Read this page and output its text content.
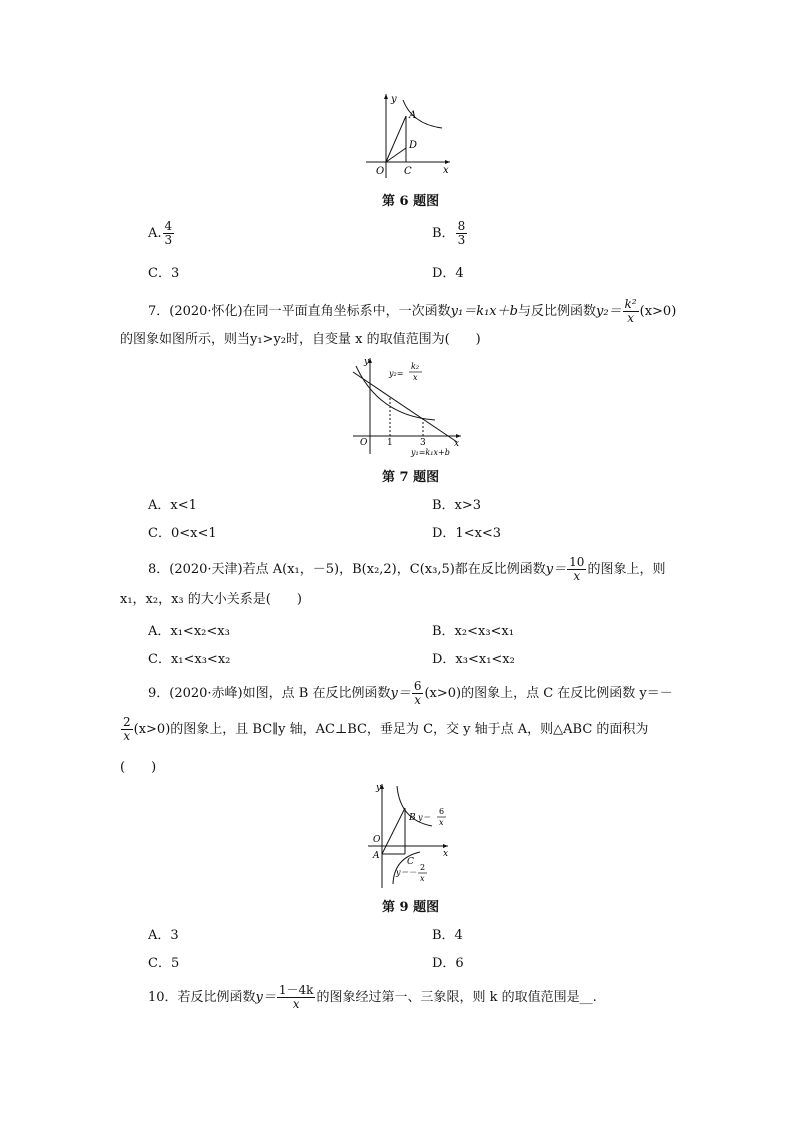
y
x
O C
A
D
第 6 题图
A. $\frac{4}{3}$	B． $\frac{8}{3}$
C．3	D．4
7．(2020·怀化)在同一平面直角坐标系中，一次函数y₁＝k₁x＋b与反比例函数$y_2= \frac{\text{k²}}{x} (x>0)$
的图象如图所示，则当y₁>y₂时，自变量 x 的取值范围为(　　)
y
x
O 1	3
y₂=
k₂
x
y₁=k₁x+b
第 7 题图
A．x<1	B．x>3
C．0<x<1	D．1<x<3
8．(2020·天津)若点 A(x₁，－5)，B(x₂,2)，C(x₃,5)都在反比例函数$y= \frac{10}{x}$ 的图象上，则
x₁，x₂，x₃ 的大小关系是(　　)
A．x₁<x₂<x₃	B．x₂<x₃<x₁
C．x₁<x₃<x₂	D．x₃<x₁<x₂
9．(2020·赤峰)如图，点 B 在反比例函数$y= \frac{6}{x} (x>0)$的图象上，点 C 在反比例函数 y＝－
$\frac{2}{x} (x>0)$的图象上，且 BC∥y 轴，AC⊥BC，垂足为 C，交 y 轴于点 A，则△ABC 的面积为
(　　)
y
x
O
A
B
C
y＝
6
x
y＝－
2
x
第 9 题图
A．3	B．4
C．5	D．6
10．若反比例函数$y= \frac{1-4k}{x}$ 的图象经过第一、三象限，则 k 的取值范围是__.
